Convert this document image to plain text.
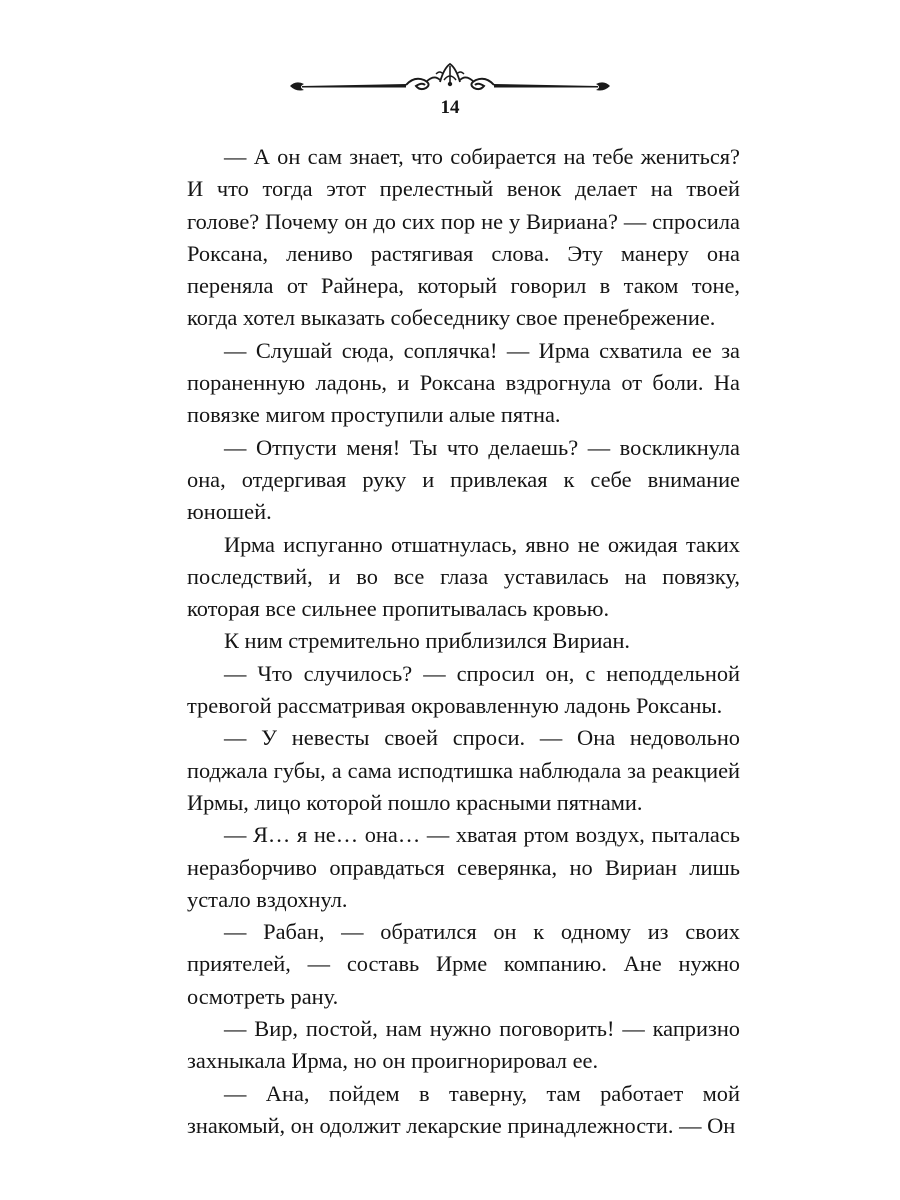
14

— А он сам знает, что собирается на тебе жениться? И что тогда этот прелестный венок делает на твоей голове? Почему он до сих пор не у Вириана? — спросила Роксана, лениво растягивая слова. Эту манеру она переняла от Райнера, который говорил в таком тоне, когда хотел выказать собеседнику свое пренебрежение.

— Слушай сюда, соплячка! — Ирма схватила ее за пораненную ладонь, и Роксана вздрогнула от боли. На повязке мигом проступили алые пятна.

— Отпусти меня! Ты что делаешь? — воскликнула она, отдергивая руку и привлекая к себе внимание юношей.

Ирма испуганно отшатнулась, явно не ожидая таких последствий, и во все глаза уставилась на повязку, которая все сильнее пропитывалась кровью.

К ним стремительно приблизился Вириан.

— Что случилось? — спросил он, с неподдельной тревогой рассматривая окровавленную ладонь Роксаны.

— У невесты своей спроси. — Она недовольно поджала губы, а сама исподтишка наблюдала за реакцией Ирмы, лицо которой пошло красными пятнами.

— Я… я не… она… — хватая ртом воздух, пыталась неразборчиво оправдаться северянка, но Вириан лишь устало вздохнул.

— Рабан, — обратился он к одному из своих приятелей, — составь Ирме компанию. Ане нужно осмотреть рану.

— Вир, постой, нам нужно поговорить! — капризно захныкала Ирма, но он проигнорировал ее.

— Ана, пойдем в таверну, там работает мой знакомый, он одолжит лекарские принадлежности. — Он
